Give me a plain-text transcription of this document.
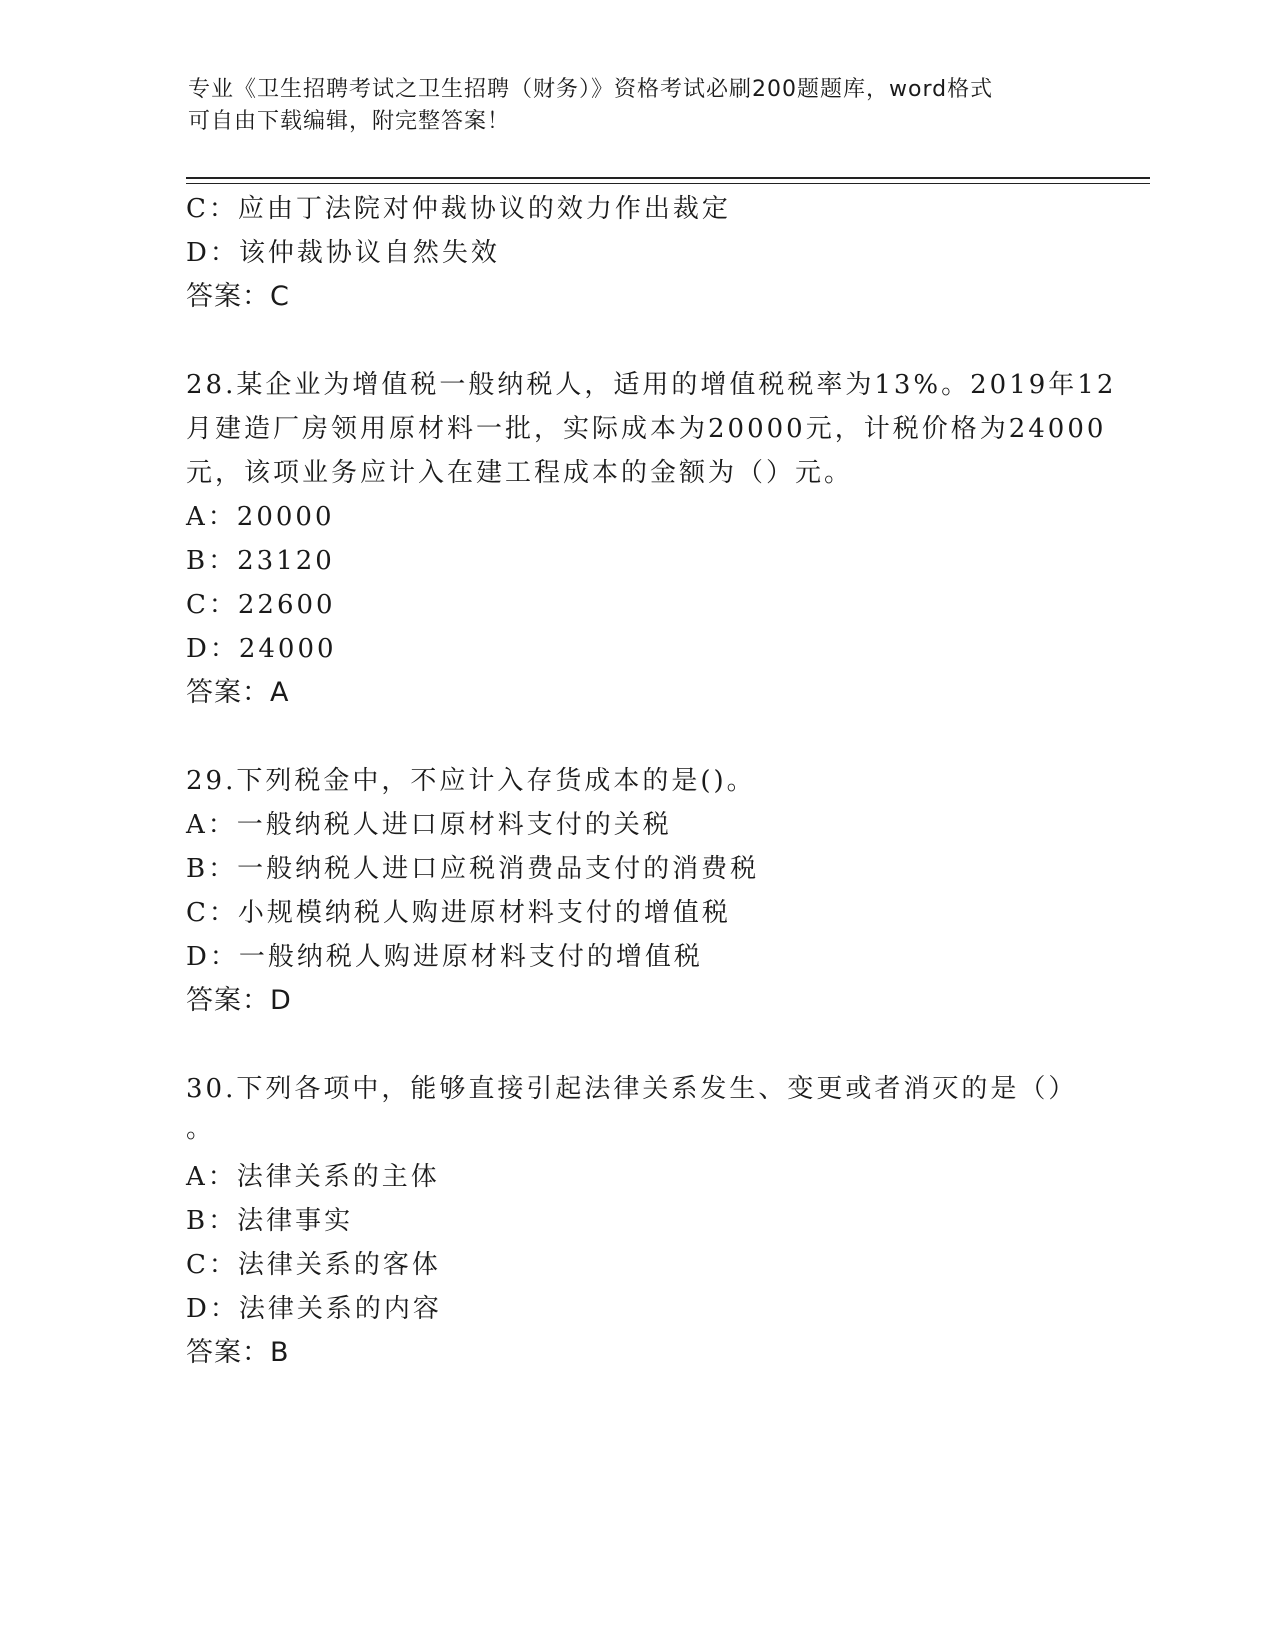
专业《卫生招聘考试之卫生招聘（财务）》资格考试必刷200题题库，word格式
可自由下载编辑，附完整答案！
C：应由丁法院对仲裁协议的效力作出裁定
D：该仲裁协议自然失效
答案：C
28.某企业为增值税一般纳税人，适用的增值税税率为13%。2019年12
月建造厂房领用原材料一批，实际成本为20000元，计税价格为24000
元，该项业务应计入在建工程成本的金额为（）元。
A：20000
B：23120
C：22600
D：24000
答案：A
29.下列税金中，不应计入存货成本的是()。
A：一般纳税人进口原材料支付的关税
B：一般纳税人进口应税消费品支付的消费税
C：小规模纳税人购进原材料支付的增值税
D：一般纳税人购进原材料支付的增值税
答案：D
30.下列各项中，能够直接引起法律关系发生、变更或者消灭的是（）
。
A：法律关系的主体
B：法律事实
C：法律关系的客体
D：法律关系的内容
答案：B
